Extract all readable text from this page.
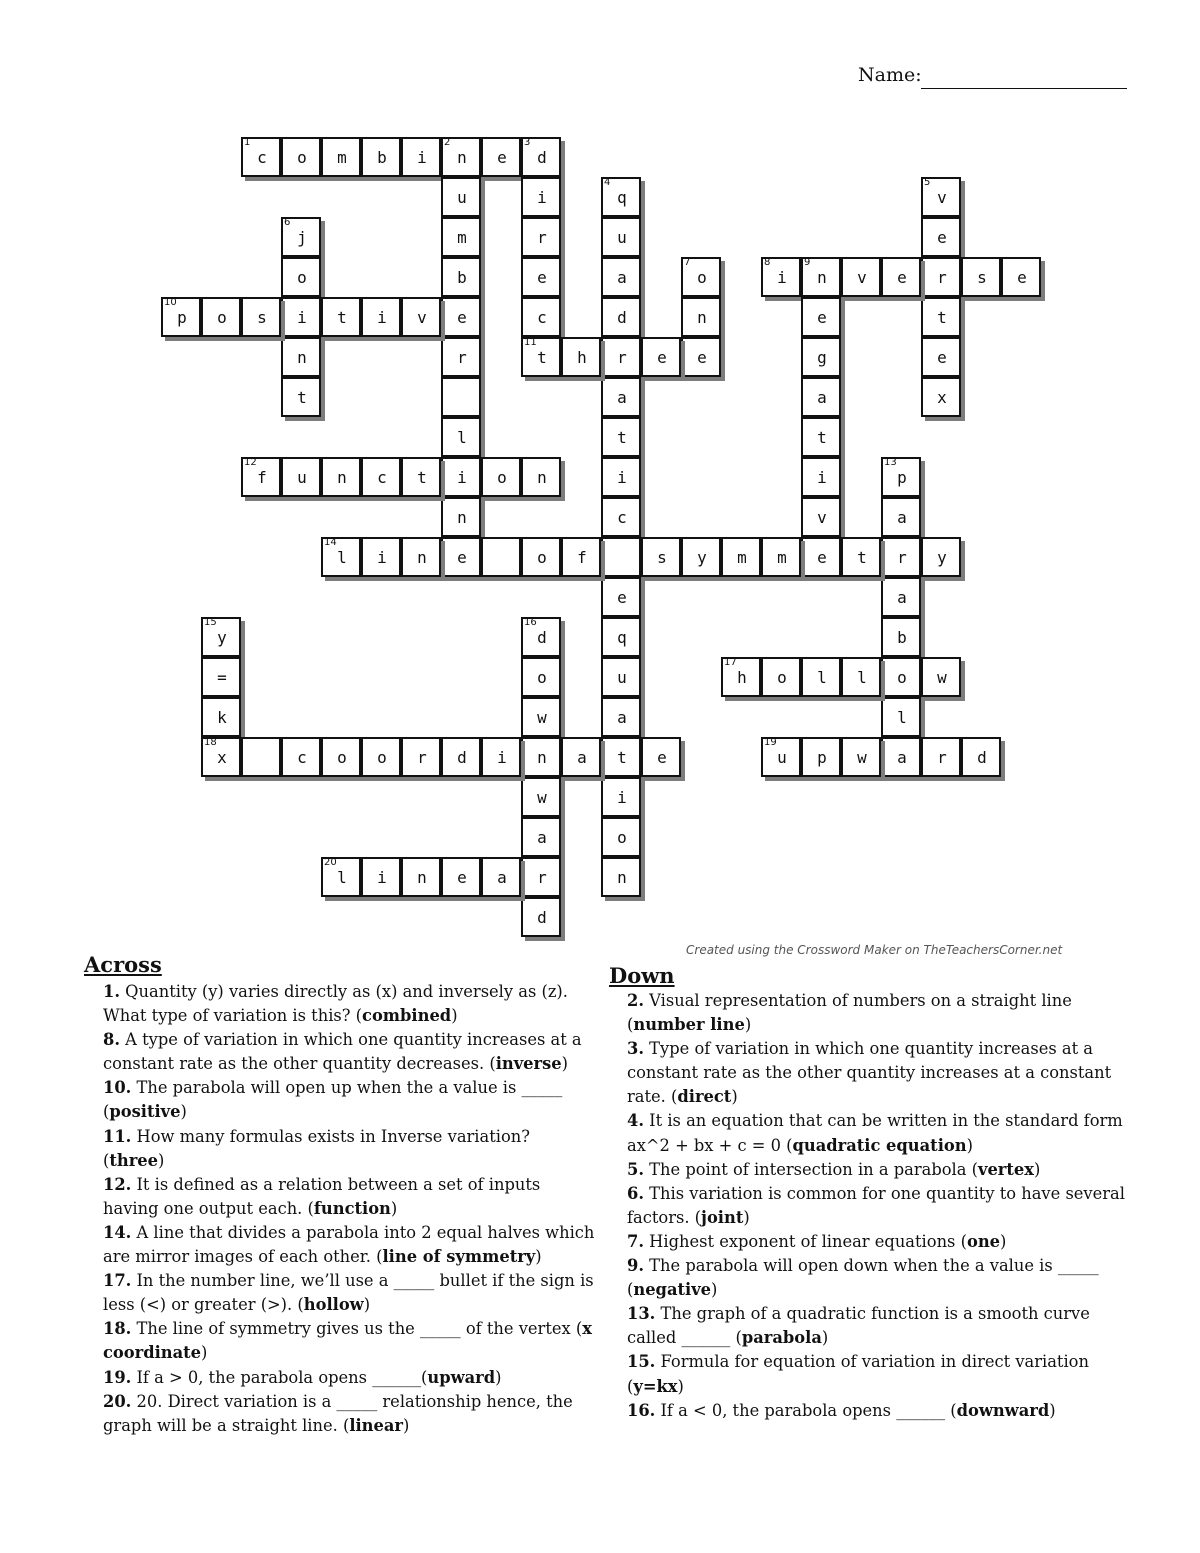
Name:
1
c o m b i
2
n e
3
d
u
m
b
e
r
l
i
n
e
i
r
e
c
11
t
4
q
u
a
d
r
a
t
i
c
e
q
u
a
t
i
o
n
5
v
e
r
t
e
x
6
j
o
i
n
t
7
o
n
e
8
i
9
n v e	s e
e
g
a
t
i
v
e
10
p o s	t i v
h	e
12
f u n c t	o n
13
p
a
r
a
b
o
l
a
14
l i n	o f	s y m m	t	y
15
y
=
k
18
x
16
d
o
w
n
w
a
r
d
17
h o l l	w
c o o r d i	a	e
19
u p w	r d
20
l i n e a
Created using the Crossword Maker on TheTeachersCorner.net
Across

1. Quantity (y) varies directly as (x) and inversely as (z). What type of variation is this? (combined)

8. A type of variation in which one quantity increases at a constant rate as the other quantity decreases. (inverse)

10. The parabola will open up when the a value is _____ (positive)

11. How many formulas exists in Inverse variation? (three)

12. It is defined as a relation between a set of inputs having one output each. (function)

14. A line that divides a parabola into 2 equal halves which are mirror images of each other. (line of symmetry)

17. In the number line, we’ll use a _____ bullet if the sign is less (<) or greater (>). (hollow)

18. The line of symmetry gives us the _____ of the vertex (x coordinate)

19. If a > 0, the parabola opens ______(upward)

20. 20. Direct variation is a _____ relationship hence, the graph will be a straight line. (linear)

Down

2. Visual representation of numbers on a straight line (number line)

3. Type of variation in which one quantity increases at a constant rate as the other quantity increases at a constant rate. (direct)

4. It is an equation that can be written in the standard form ax^2 + bx + c = 0 (quadratic equation)

5. The point of intersection in a parabola (vertex)

6. This variation is common for one quantity to have several factors. (joint)

7. Highest exponent of linear equations (one)

9. The parabola will open down when the a value is _____ (negative)

13. The graph of a quadratic function is a smooth curve called ______ (parabola)

15. Formula for equation of variation in direct variation (y=kx)

16. If a < 0, the parabola opens ______ (downward)
